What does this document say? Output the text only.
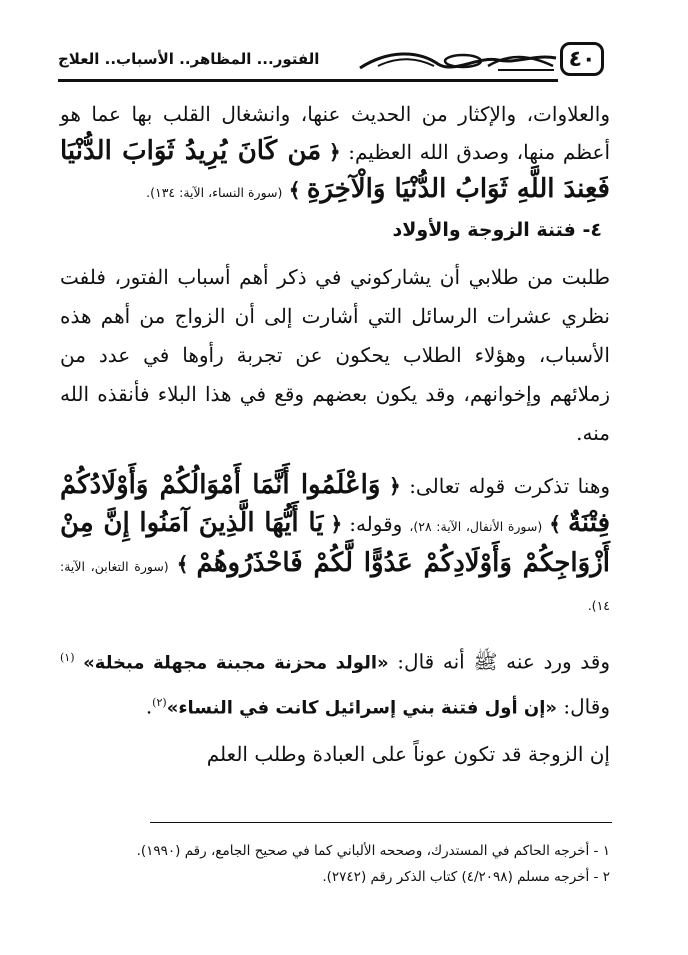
٤٠
الفتور... المظاهر.. الأسباب.. العلاج

والعلاوات، والإكثار من الحديث عنها، وانشغال القلب بها عما هو أعظم منها، وصدق الله العظيم: ﴿ مَن كَانَ يُرِيدُ ثَوَابَ الدُّنْيَا فَعِندَ اللَّهِ ثَوَابُ الدُّنْيَا وَالْآخِرَةِ ﴾ (سورة النساء، الآية: ١٣٤).

٤- فتنة الزوجة والأولاد

طلبت من طلابي أن يشاركوني في ذكر أهم أسباب الفتور، فلفت نظري عشرات الرسائل التي أشارت إلى أن الزواج من أهم هذه الأسباب، وهؤلاء الطلاب يحكون عن تجربة رأوها في عدد من زملائهم وإخوانهم، وقد يكون بعضهم وقع في هذا البلاء فأنقذه الله منه.

وهنا تذكرت قوله تعالى: ﴿ وَاعْلَمُوا أَنَّمَا أَمْوَالُكُمْ وَأَوْلَادُكُمْ فِتْنَةٌ ﴾ (سورة الأنفال، الآية: ٢٨)، وقوله: ﴿ يَا أَيُّهَا الَّذِينَ آمَنُوا إِنَّ مِنْ أَزْوَاجِكُمْ وَأَوْلَادِكُمْ عَدُوًّا لَّكُمْ فَاحْذَرُوهُمْ ﴾ (سورة التغابن، الآية: ١٤).

وقد ورد عنه ﷺ أنه قال: «الولد محزنة مجبنة مجهلة مبخلة» $^{(١)}$ وقال: «إن أول فتنة بني إسرائيل كانت في النساء»$^{(٢)}$.

إن الزوجة قد تكون عوناً على العبادة وطلب العلم

١ - أخرجه الحاكم في المستدرك، وصححه الألباني كما في صحيح الجامع، رقم (١٩٩٠).
٢ - أخرجه مسلم (٤/٢٠٩٨) كتاب الذكر رقم (٢٧٤٢).
